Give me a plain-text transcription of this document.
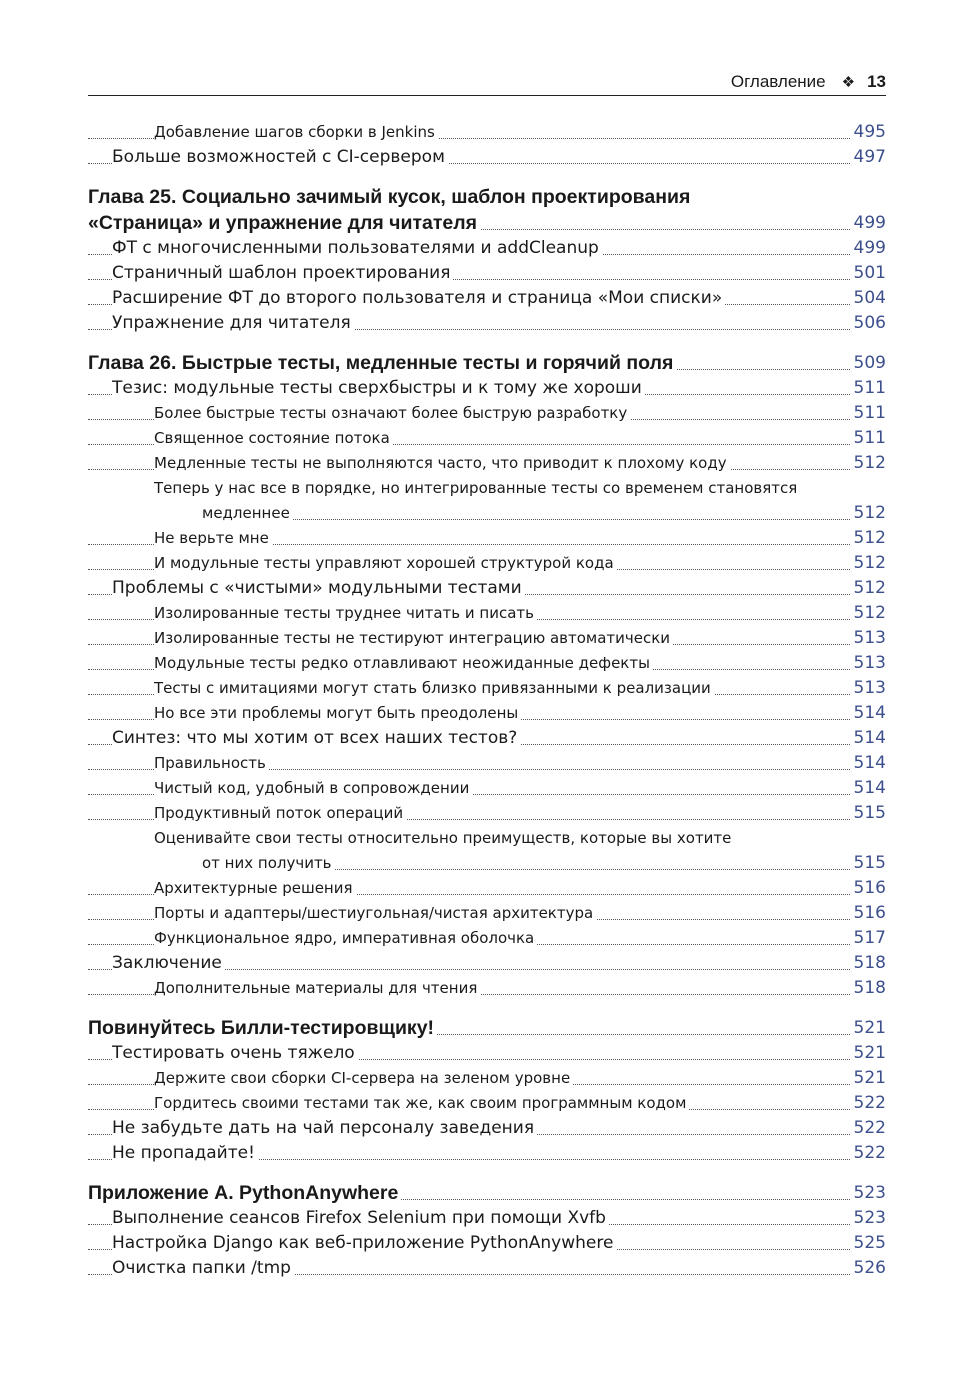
Оглавление ❖ 13
Добавление шагов сборки в Jenkins	495
Больше возможностей с CI-сервером	497
Глава 25. Социально зачимый кусок, шаблон проектирования
«Страница» и упражнение для читателя	499
ФТ с многочисленными пользователями и addCleanup	499
Страничный шаблон проектирования	501
Расширение ФТ до второго пользователя и страница «Мои списки»	504
Упражнение для читателя	506
Глава 26. Быстрые тесты, медленные тесты и горячий поля	509
Тезис: модульные тесты сверхбыстры и к тому же хороши	511
Более быстрые тесты означают более быструю разработку	511
Священное состояние потока	511
Медленные тесты не выполняются часто, что приводит к плохому коду	512
Теперь у нас все в порядке, но интегрированные тесты со временем становятся
медленнее	512
Не верьте мне	512
И модульные тесты управляют хорошей структурой кода	512
Проблемы с «чистыми» модульными тестами	512
Изолированные тесты труднее читать и писать	512
Изолированные тесты не тестируют интеграцию автоматически	513
Модульные тесты редко отлавливают неожиданные дефекты	513
Тесты с имитациями могут стать близко привязанными к реализации	513
Но все эти проблемы могут быть преодолены	514
Синтез: что мы хотим от всех наших тестов?	514
Правильность	514
Чистый код, удобный в сопровождении	514
Продуктивный поток операций	515
Оценивайте свои тесты относительно преимуществ, которые вы хотите
от них получить	515
Архитектурные решения	516
Порты и адаптеры/шестиугольная/чистая архитектура	516
Функциональное ядро, императивная оболочка	517
Заключение	518
Дополнительные материалы для чтения	518
Повинуйтесь Билли-тестировщику!	521
Тестировать очень тяжело	521
Держите свои сборки CI-сервера на зеленом уровне	521
Гордитесь своими тестами так же, как своим программным кодом	522
Не забудьте дать на чай персоналу заведения	522
Не пропадайте!	522
Приложение А. PythonAnywhere	523
Выполнение сеансов Firefox Selenium при помощи Xvfb	523
Настройка Django как веб-приложение PythonAnywhere	525
Очистка папки /tmp	526
